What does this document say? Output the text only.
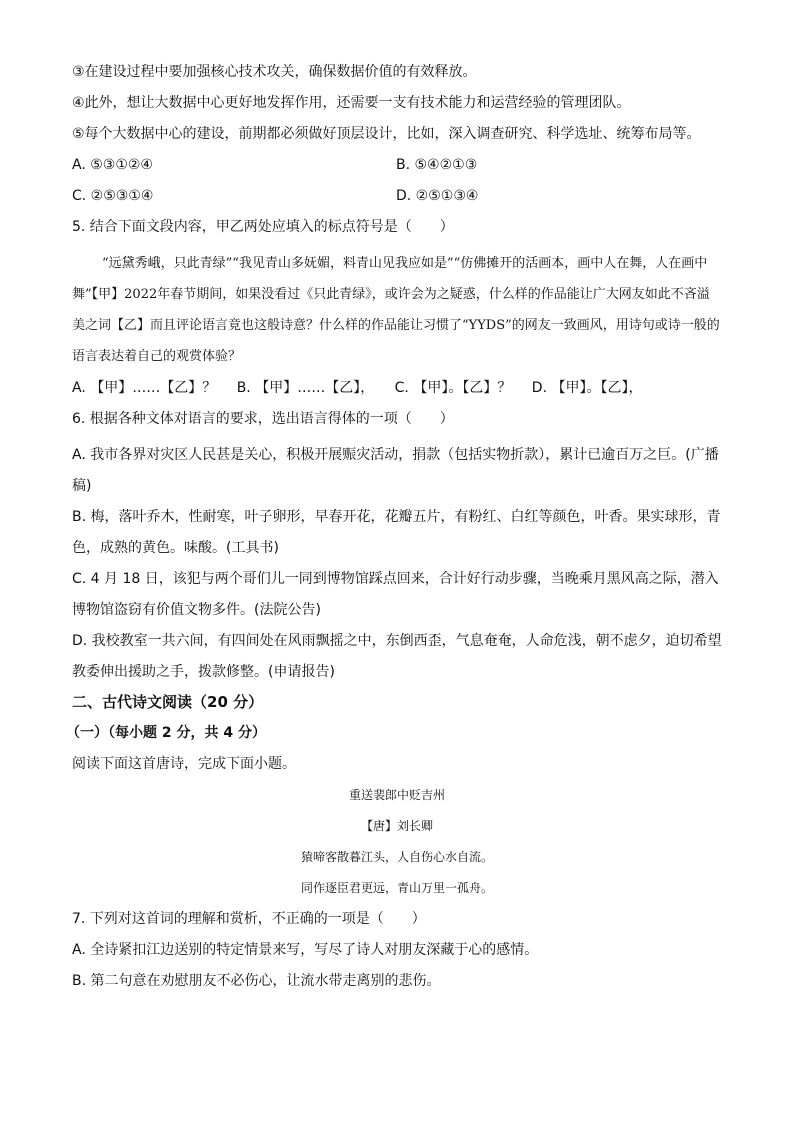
③在建设过程中要加强核心技术攻关，确保数据价值的有效释放。
④此外，想让大数据中心更好地发挥作用，还需要一支有技术能力和运营经验的管理团队。
⑤每个大数据中心的建设，前期都必须做好顶层设计，比如，深入调查研究、科学选址、统筹布局等。
A. ⑤③①②④	B. ⑤④②①③
C. ②⑤③①④	D. ②⑤①③④
5. 结合下面文段内容，甲乙两处应填入的标点符号是（　　）

“远黛秀峨，只此青绿”“我见青山多妩媚，料青山见我应如是”“仿佛摊开的活画本，画中人在舞，人在画中舞”【甲】2022年春节期间，如果没看过《只此青绿》，或许会为之疑惑，什么样的作品能让广大网友如此不吝溢美之词【乙】而且评论语言竟也这般诗意？什么样的作品能让习惯了“YYDS”的网友一致画风，用诗句或诗一般的语言表达着自己的观赏体验？

A. 【甲】……【乙】？ B. 【甲】……【乙】， C. 【甲】。【乙】？ D. 【甲】。【乙】，
6. 根据各种文体对语言的要求，选出语言得体的一项（　　）
A. 我市各界对灾区人民甚是关心，积极开展赈灾活动，捐款（包括实物折款），累计已逾百万之巨。(广播稿)
B. 梅，落叶乔木，性耐寒，叶子卵形，早春开花，花瓣五片，有粉红、白红等颜色，叶香。果实球形，青色，成熟的黄色。味酸。(工具书)
C. 4 月 18 日，该犯与两个哥们儿一同到博物馆踩点回来，合计好行动步骤，当晚乘月黑风高之际，潜入博物馆盗窃有价值文物多件。(法院公告)
D. 我校教室一共六间，有四间处在风雨飘摇之中，东倒西歪，气息奄奄，人命危浅，朝不虑夕，迫切希望教委伸出援助之手，拨款修整。(申请报告)
二、古代诗文阅读（20 分）
（一）（每小题 2 分，共 4 分）
阅读下面这首唐诗，完成下面小题。
重送裴郎中贬吉州
【唐】刘长卿
猿啼客散暮江头，人自伤心水自流。
同作逐臣君更远，青山万里一孤舟。
7. 下列对这首词的理解和赏析，不正确的一项是（　　）
A. 全诗紧扣江边送别的特定情景来写，写尽了诗人对朋友深藏于心的感情。
B. 第二句意在劝慰朋友不必伤心，让流水带走离别的悲伤。
